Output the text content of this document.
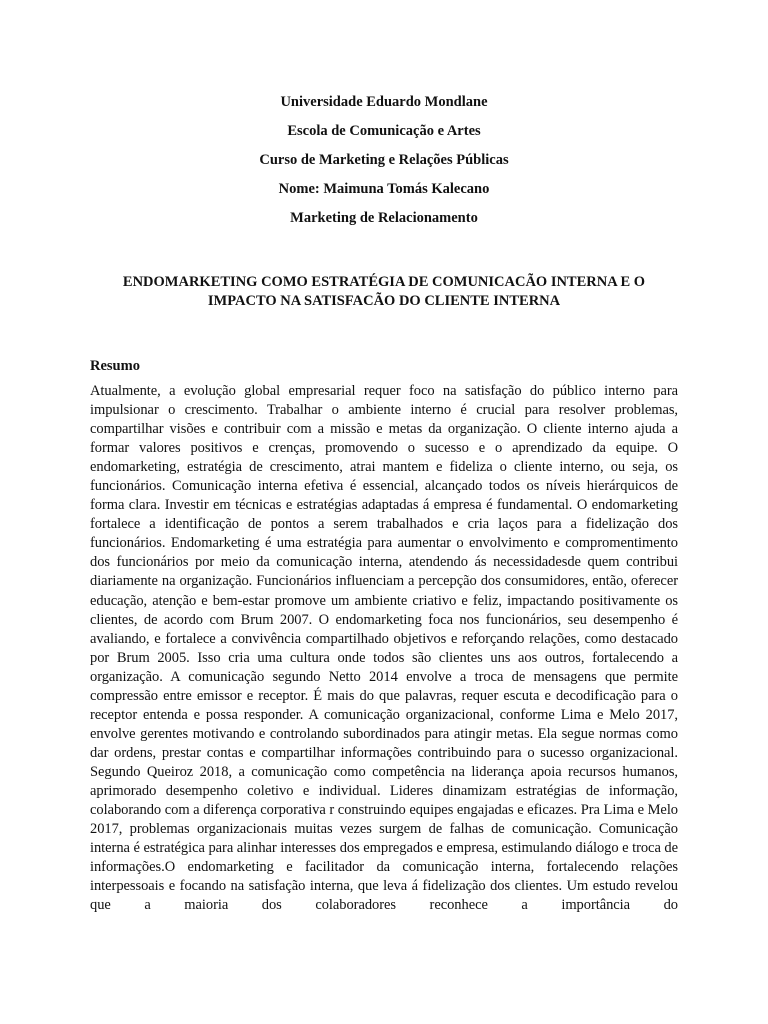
Universidade Eduardo Mondlane

Escola de Comunicação e Artes

Curso de Marketing e Relações Públicas

Nome: Maimuna Tomás Kalecano

Marketing de Relacionamento

ENDOMARKETING COMO ESTRATÉGIA DE COMUNICACÃO INTERNA E O
IMPACTO NA SATISFACÃO DO CLIENTE INTERNA
Resumo
Atualmente, a evolução global empresarial requer foco na satisfação do público interno para impulsionar o crescimento. Trabalhar o ambiente interno é crucial para resolver problemas, compartilhar visões e contribuir com a missão e metas da organização. O cliente interno ajuda a formar valores positivos e crenças, promovendo o sucesso e o aprendizado da equipe. O endomarketing, estratégia de crescimento, atrai mantem e fideliza o cliente interno, ou seja, os funcionários. Comunicação interna efetiva é essencial, alcançado todos os níveis hierárquicos de forma clara. Investir em técnicas e estratégias adaptadas á empresa é fundamental. O endomarketing fortalece a identificação de pontos a serem trabalhados e cria laços para a fidelização dos funcionários. Endomarketing é uma estratégia para aumentar o envolvimento e compromentimento dos funcionários por meio da comunicação interna, atendendo ás necessidadesde quem contribui diariamente na organização. Funcionários influenciam a percepção dos consumidores, então, oferecer educação, atenção e bem-estar promove um ambiente criativo e feliz, impactando positivamente os clientes, de acordo com Brum 2007. O endomarketing foca nos funcionários, seu desempenho é avaliando, e fortalece a convivência compartilhado objetivos e reforçando relações, como destacado por Brum 2005. Isso cria uma cultura onde todos são clientes uns aos outros, fortalecendo a organização. A comunicação segundo Netto 2014 envolve a troca de mensagens que permite compressão entre emissor e receptor. É mais do que palavras, requer escuta e decodificação para o receptor entenda e possa responder. A comunicação organizacional, conforme Lima e Melo 2017, envolve gerentes motivando e controlando subordinados para atingir metas. Ela segue normas como dar ordens, prestar contas e compartilhar informações contribuindo para o sucesso organizacional. Segundo Queiroz 2018, a comunicação como competência na liderança apoia recursos humanos, aprimorado desempenho coletivo e individual. Lideres dinamizam estratégias de informação, colaborando com a diferença corporativa r construindo equipes engajadas e eficazes. Pra Lima e Melo 2017, problemas organizacionais muitas vezes surgem de falhas de comunicação. Comunicação interna é estratégica para alinhar interesses dos empregados e empresa, estimulando diálogo e troca de informações.O endomarketing e facilitador da comunicação interna, fortalecendo relações interpessoais e focando na satisfação interna, que leva á fidelização dos clientes. Um estudo revelou que a maioria dos colaboradores reconhece a importância do
